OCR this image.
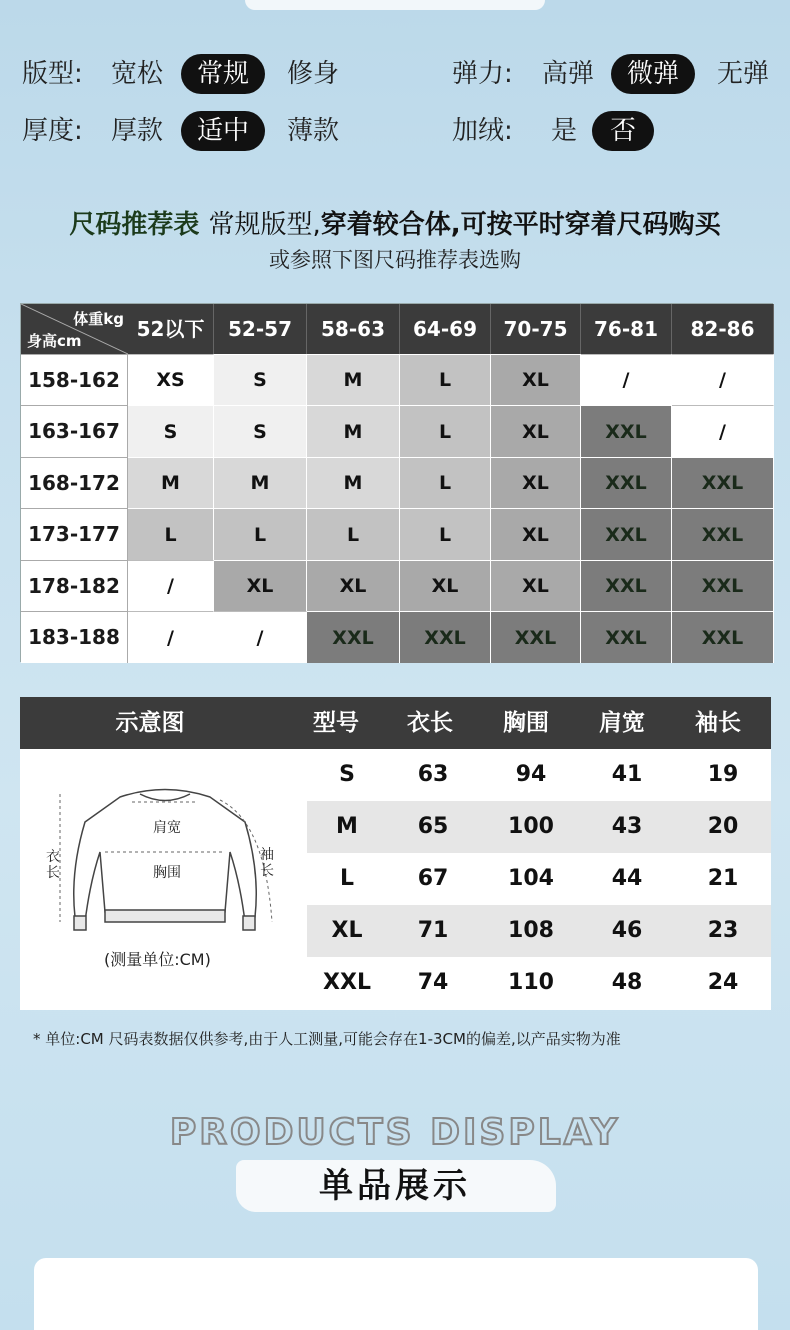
版型: 宽松	常规	修身	弹力: 高弹	微弹	无弹
厚度: 厚款	适中	薄款	加绒: 是	否
尺码推荐表 常规版型,穿着较合体,可按平时穿着尺码购买
或参照下图尺码推荐表选购
体重kg
身高cm	52以下	52-57	58-63	64-69	70-75	76-81	82-86
158-162	XS	S	M	L	XL	/	/
163-167	S	S	M	L	XL	XXL	/
168-172	M	M	M	L	XL	XXL	XXL
173-177	L	L	L	L	XL	XXL	XXL
178-182	/	XL	XL	XL	XL	XXL	XXL
183-188	/	/	XXL	XXL	XXL	XXL	XXL
示意图	型号	衣长	胸围	肩宽	袖长
肩宽
胸围
衣长
袖长
(测量单位:CM)
S	63	94	41	19
M	65	100	43	20
L	67	104	44	21
XL	71	108	46	23
XXL	74	110	48	24
* 单位:CM 尺码表数据仅供参考,由于人工测量,可能会存在1-3CM的偏差,以产品实物为准
PRODUCTS DISPLAY
单品展示
